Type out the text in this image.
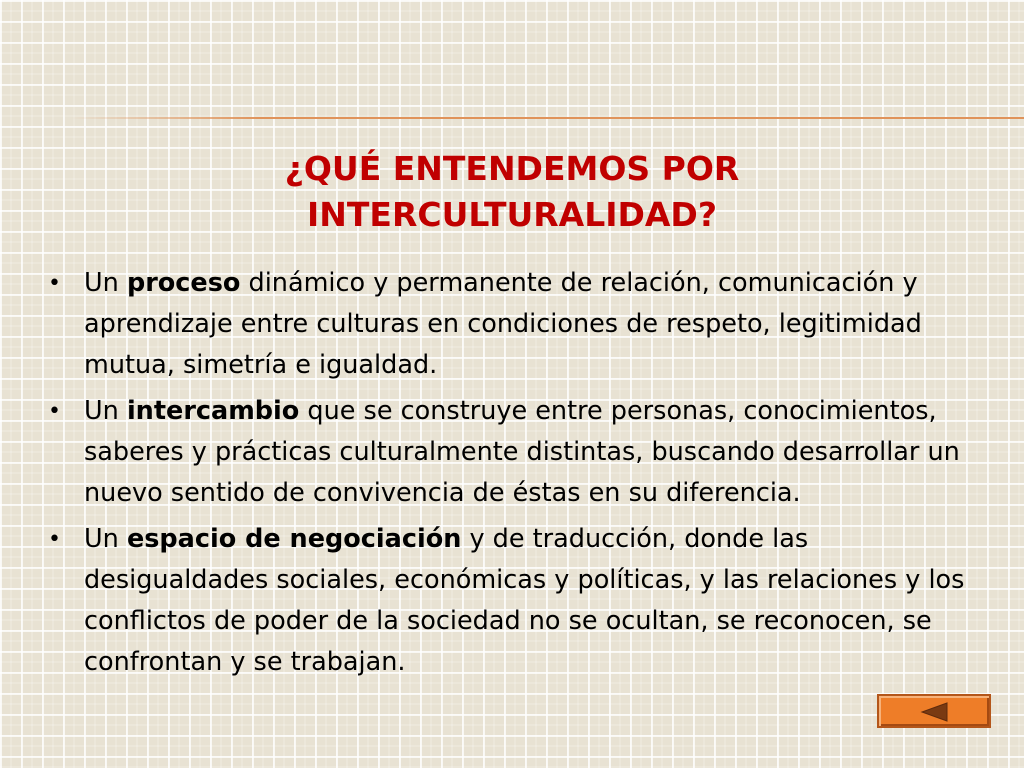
¿QUÉ ENTENDEMOS POR
INTERCULTURALIDAD?
• Un proceso dinámico y permanente de relación, comunicación y aprendizaje entre culturas en condiciones de respeto, legitimidad mutua, simetría e igualdad.
• Un intercambio que se construye entre personas, conocimientos, saberes y prácticas culturalmente distintas, buscando desarrollar un nuevo sentido de convivencia de éstas en su diferencia.
• Un espacio de negociación y de traducción, donde las desigualdades sociales, económicas y políticas, y las relaciones y los conflictos de poder de la sociedad no se ocultan, se reconocen, se confrontan y se trabajan.
